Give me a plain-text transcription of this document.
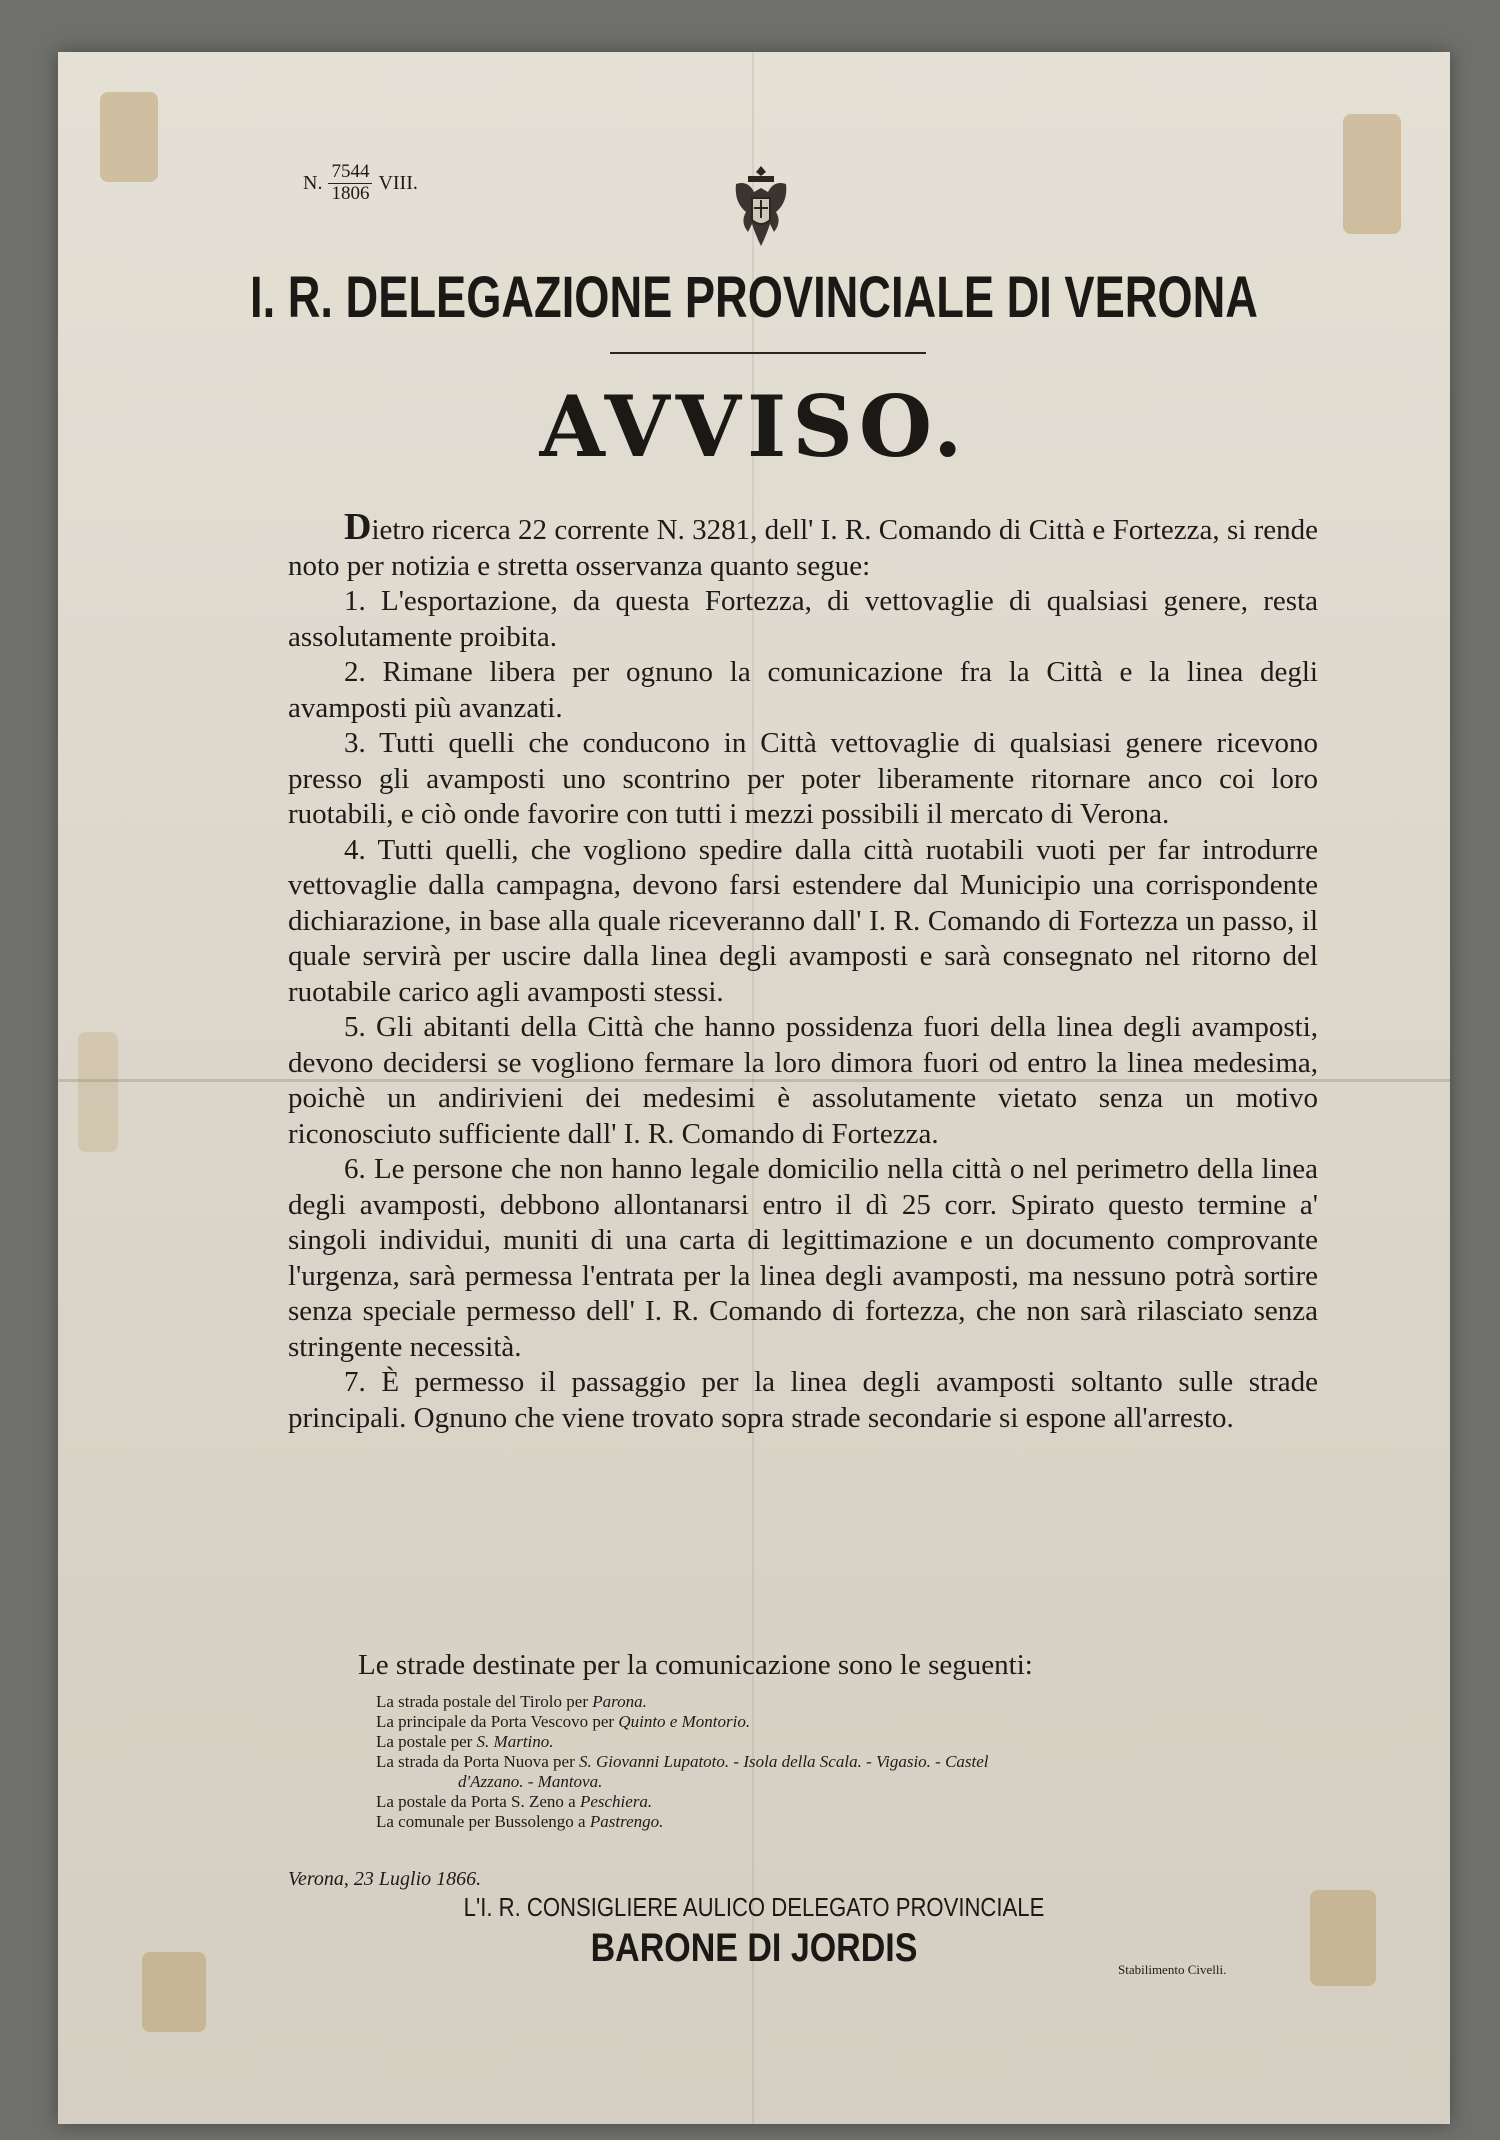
N. $\frac{7544}{1806}$ VIII.
I. R. DELEGAZIONE PROVINCIALE DI VERONA
AVVISO.

Dietro ricerca 22 corrente N. 3281, dell' I. R. Comando di Città e Fortezza, si rende noto per notizia e stretta osservanza quanto segue:

1. L'esportazione, da questa Fortezza, di vettovaglie di qualsiasi genere, resta assolutamente proibita.

2. Rimane libera per ognuno la comunicazione fra la Città e la linea degli avamposti più avanzati.

3. Tutti quelli che conducono in Città vettovaglie di qualsiasi genere ricevono presso gli avamposti uno scontrino per poter liberamente ritornare anco coi loro ruotabili, e ciò onde favorire con tutti i mezzi possibili il mercato di Verona.

4. Tutti quelli, che vogliono spedire dalla città ruotabili vuoti per far introdurre vettovaglie dalla campagna, devono farsi estendere dal Municipio una corrispondente dichiarazione, in base alla quale riceveranno dall' I. R. Comando di Fortezza un passo, il quale servirà per uscire dalla linea degli avamposti e sarà consegnato nel ritorno del ruotabile carico agli avamposti stessi.

5. Gli abitanti della Città che hanno possidenza fuori della linea degli avamposti, devono decidersi se vogliono fermare la loro dimora fuori od entro la linea medesima, poichè un andirivieni dei medesimi è assolutamente vietato senza un motivo riconosciuto sufficiente dall' I. R. Comando di Fortezza.

6. Le persone che non hanno legale domicilio nella città o nel perimetro della linea degli avamposti, debbono allontanarsi entro il dì 25 corr. Spirato questo termine a' singoli individui, muniti di una carta di legittimazione e un documento comprovante l'urgenza, sarà permessa l'entrata per la linea degli avamposti, ma nessuno potrà sortire senza speciale permesso dell' I. R. Comando di fortezza, che non sarà rilasciato senza stringente necessità.

7. È permesso il passaggio per la linea degli avamposti soltanto sulle strade principali. Ognuno che viene trovato sopra strade secondarie si espone all'arresto.

Le strade destinate per la comunicazione sono le seguenti:
La strada postale del Tirolo per Parona.
La principale da Porta Vescovo per Quinto e Montorio.
La postale per S. Martino.
La strada da Porta Nuova per S. Giovanni Lupatoto. - Isola della Scala. - Vigasio. - Castel
d'Azzano. - Mantova.
La postale da Porta S. Zeno a Peschiera.
La comunale per Bussolengo a Pastrengo.
Verona, 23 Luglio 1866.
L'I. R. CONSIGLIERE AULICO DELEGATO PROVINCIALE
BARONE DI JORDIS	Stabilimento Civelli.
